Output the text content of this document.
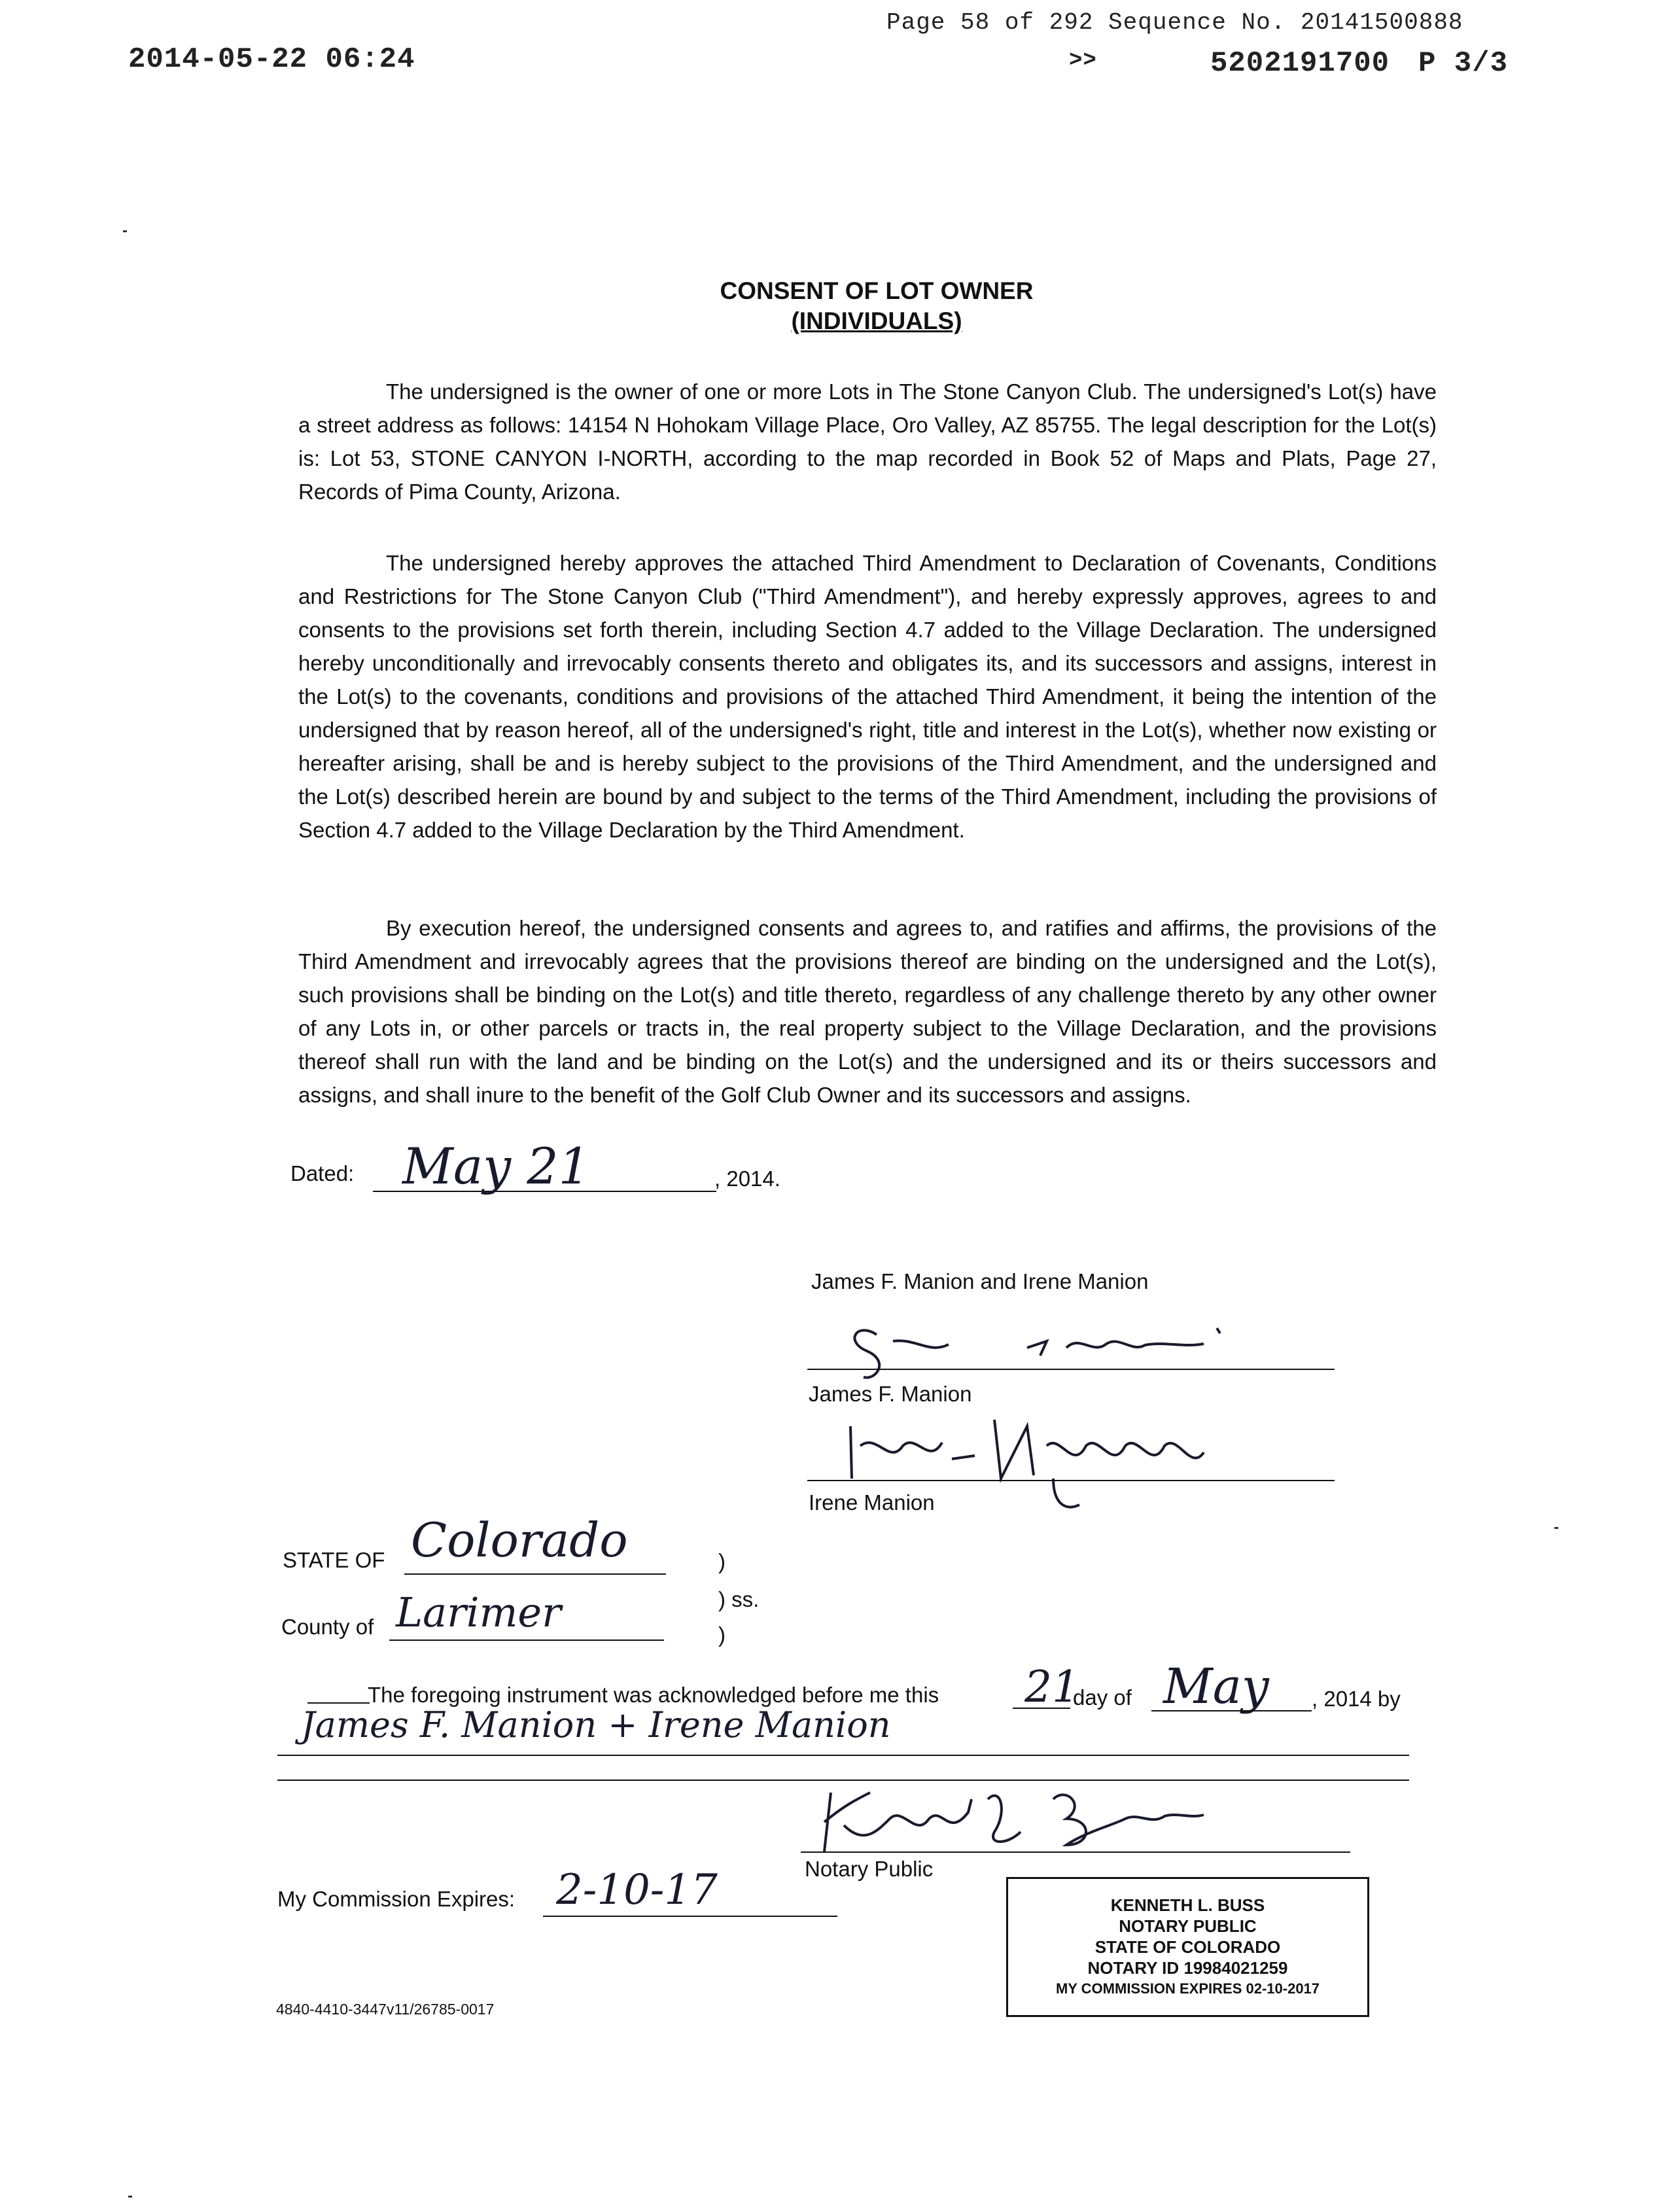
Page 58 of 292 Sequence No. 20141500888
2014-05-22 06:24	>>	5202191700 P 3/3
CONSENT OF LOT OWNER
(INDIVIDUALS)

The undersigned is the owner of one or more Lots in The Stone Canyon Club. The undersigned's Lot(s) have a street address as follows: 14154 N Hohokam Village Place, Oro Valley, AZ 85755. The legal description for the Lot(s) is: Lot 53, STONE CANYON I-NORTH, according to the map recorded in Book 52 of Maps and Plats, Page 27, Records of Pima County, Arizona.

The undersigned hereby approves the attached Third Amendment to Declaration of Covenants, Conditions and Restrictions for The Stone Canyon Club ("Third Amendment"), and hereby expressly approves, agrees to and consents to the provisions set forth therein, including Section 4.7 added to the Village Declaration. The undersigned hereby unconditionally and irrevocably consents thereto and obligates its, and its successors and assigns, interest in the Lot(s) to the covenants, conditions and provisions of the attached Third Amendment, it being the intention of the undersigned that by reason hereof, all of the undersigned's right, title and interest in the Lot(s), whether now existing or hereafter arising, shall be and is hereby subject to the provisions of the Third Amendment, and the undersigned and the Lot(s) described herein are bound by and subject to the terms of the Third Amendment, including the provisions of Section 4.7 added to the Village Declaration by the Third Amendment.

By execution hereof, the undersigned consents and agrees to, and ratifies and affirms, the provisions of the Third Amendment and irrevocably agrees that the provisions thereof are binding on the undersigned and the Lot(s), such provisions shall be binding on the Lot(s) and title thereto, regardless of any challenge thereto by any other owner of any Lots in, or other parcels or tracts in, the real property subject to the Village Declaration, and the provisions thereof shall run with the land and be binding on the Lot(s) and the undersigned and its or theirs successors and assigns, and shall inure to the benefit of the Golf Club Owner and its successors and assigns.

Dated: May 21	, 2014.
James F. Manion and Irene Manion
James F. Manion
Irene Manion
STATE OF Colorado
County of Larimer
)
) ss.
)
The foregoing instrument was acknowledged before me this 21
day of May , 2014 by
James F. Manion + Irene Manion
Notary Public
My Commission Expires: 2-10-17	KENNETH L. BUSS
NOTARY PUBLIC
STATE OF COLORADO
NOTARY ID 19984021259
MY COMMISSION EXPIRES 02-10-2017
4840-4410-3447v11/26785-0017
